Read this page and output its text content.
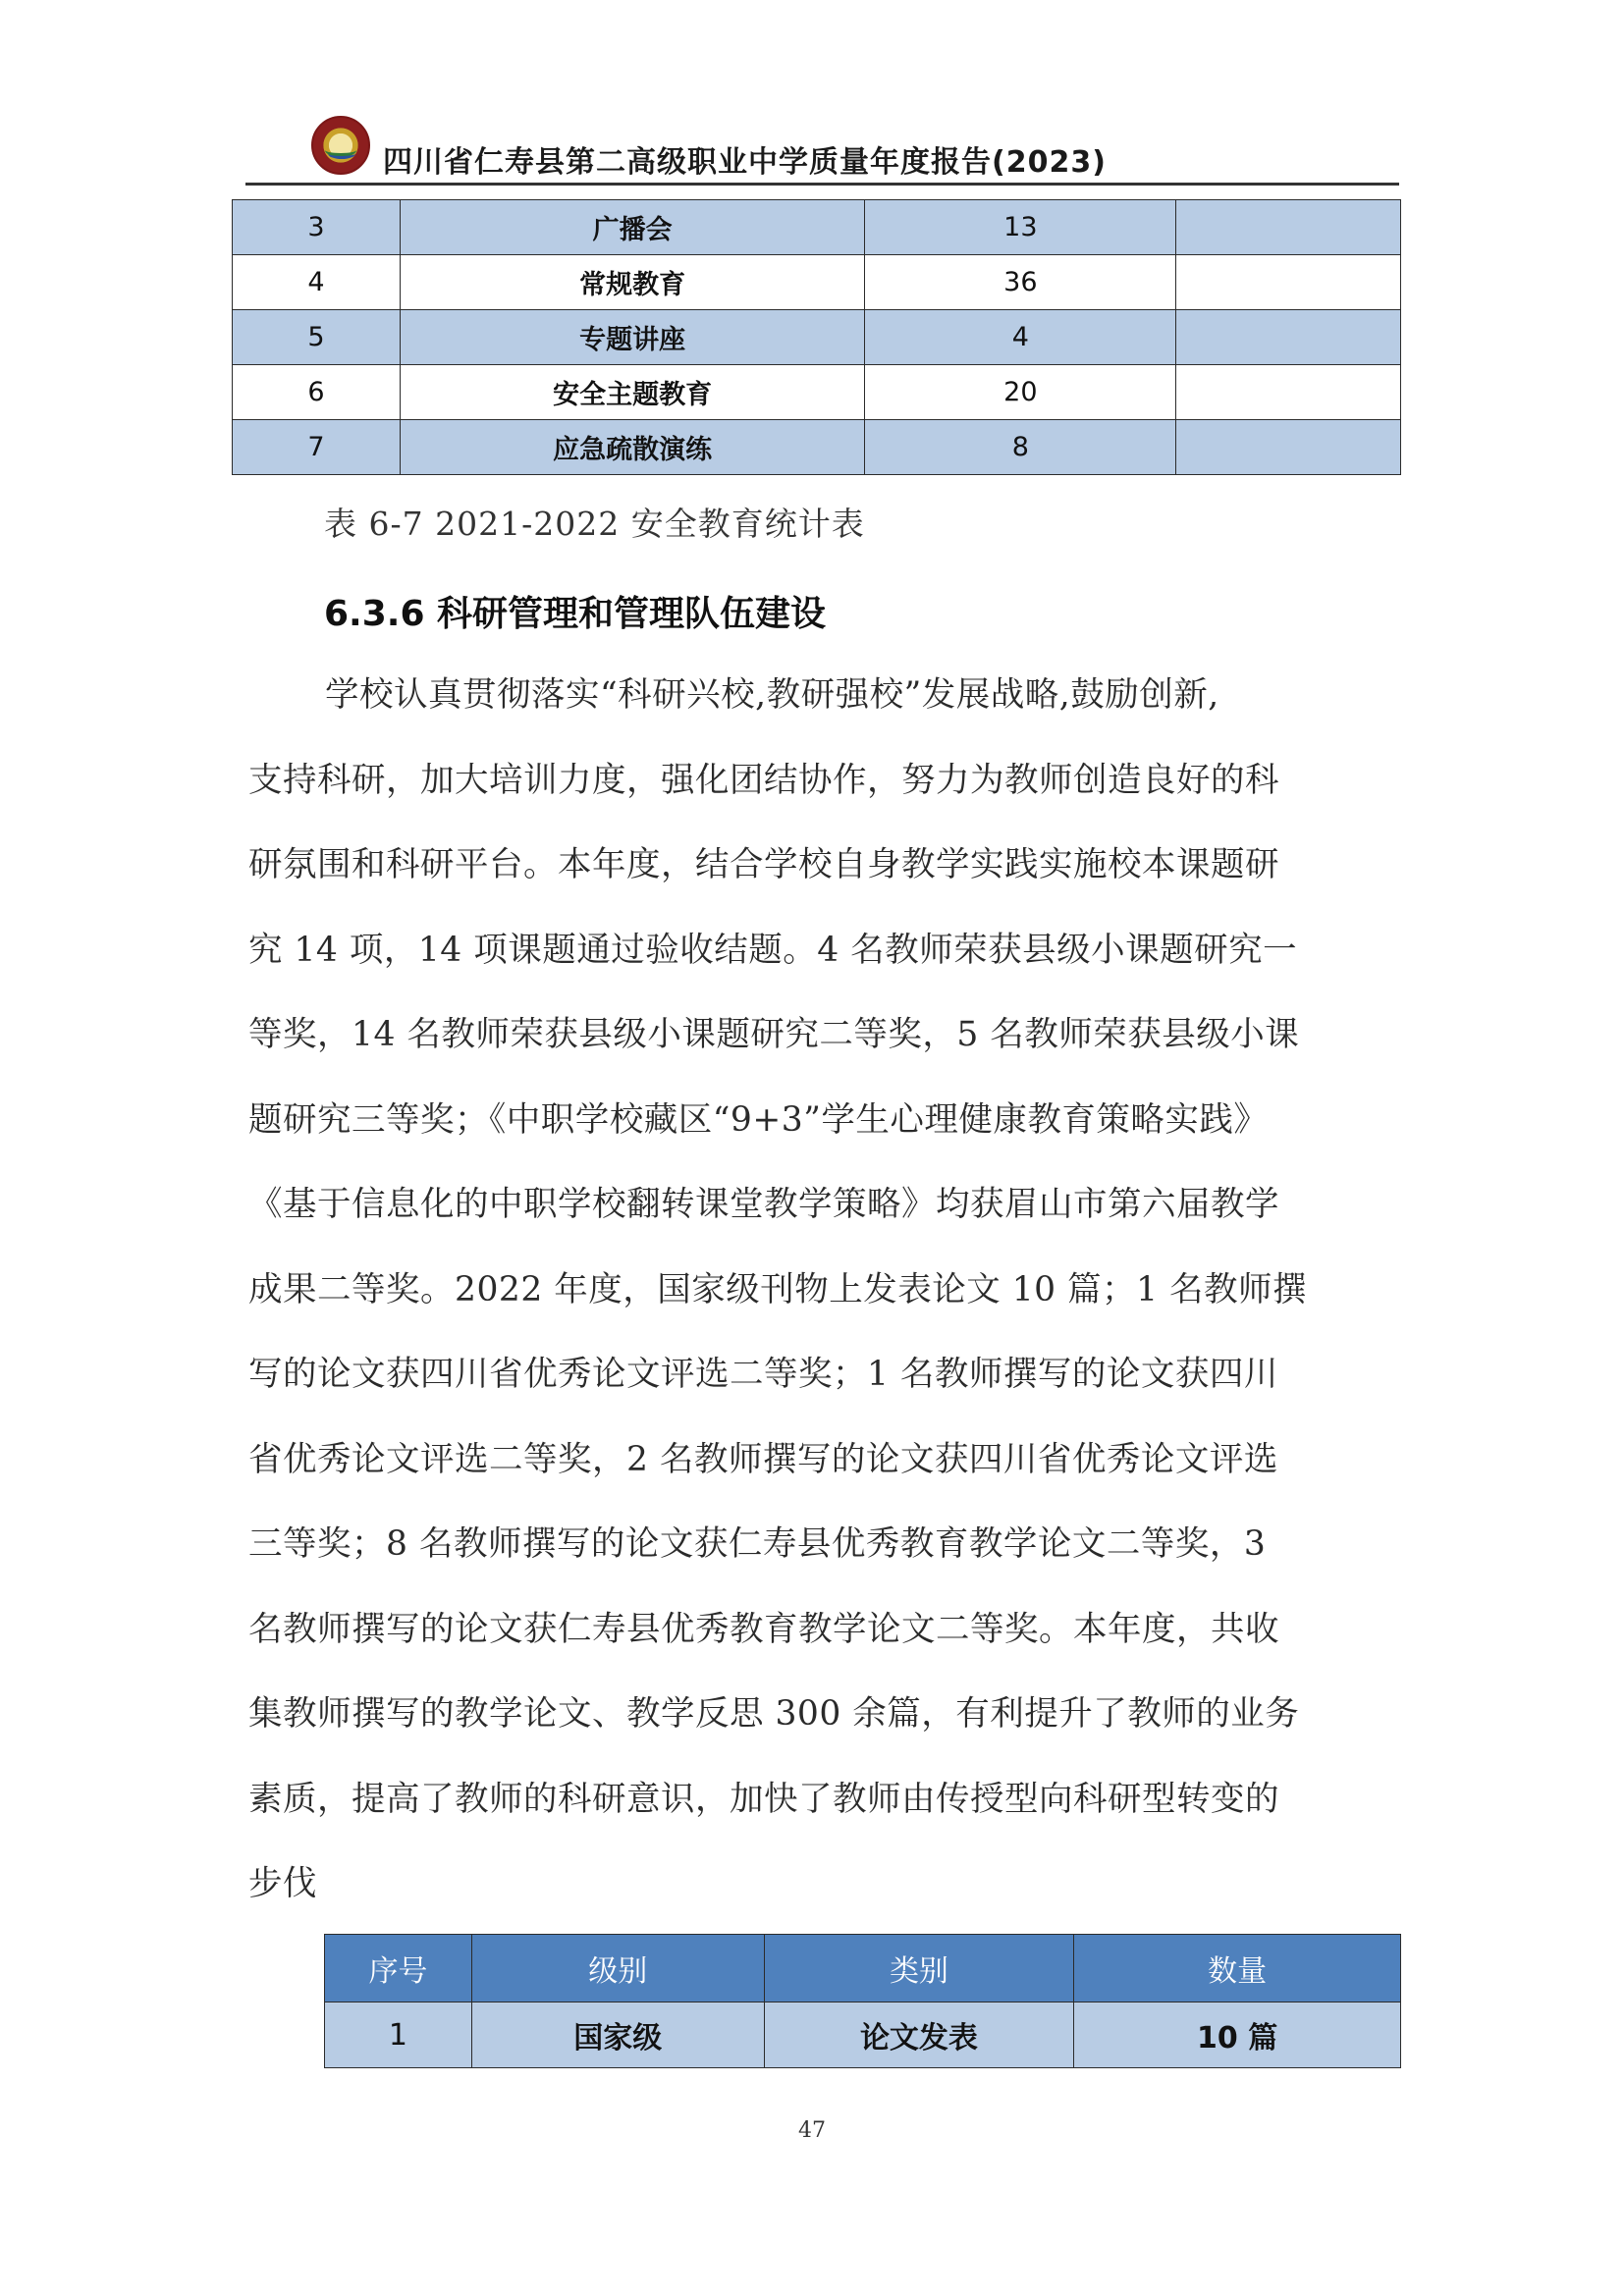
四川省仁寿县第二高级职业中学质量年度报告(2023)
3	广播会	13	
4	常规教育	36	
5	专题讲座	4	
6	安全主题教育	20	
7	应急疏散演练	8	
表 6-7 2021-2022 安全教育统计表
6.3.6 科研管理和管理队伍建设
学校认真贯彻落实“科研兴校,教研强校”发展战略,鼓励创新,
支持科研，加大培训力度，强化团结协作，努力为教师创造良好的科
研氛围和科研平台。本年度，结合学校自身教学实践实施校本课题研
究 14 项，14 项课题通过验收结题。4 名教师荣获县级小课题研究一
等奖，14 名教师荣获县级小课题研究二等奖，5 名教师荣获县级小课
题研究三等奖；《中职学校藏区“9+3”学生心理健康教育策略实践》
《基于信息化的中职学校翻转课堂教学策略》均获眉山市第六届教学
成果二等奖。2022 年度，国家级刊物上发表论文 10 篇；1 名教师撰
写的论文获四川省优秀论文评选二等奖；1 名教师撰写的论文获四川
省优秀论文评选二等奖，2 名教师撰写的论文获四川省优秀论文评选
三等奖；8 名教师撰写的论文获仁寿县优秀教育教学论文二等奖，3
名教师撰写的论文获仁寿县优秀教育教学论文二等奖。本年度，共收
集教师撰写的教学论文、教学反思 300 余篇，有利提升了教师的业务
素质，提高了教师的科研意识，加快了教师由传授型向科研型转变的
步伐
序号	级别	类别	数量
1	国家级	论文发表	10 篇
47
